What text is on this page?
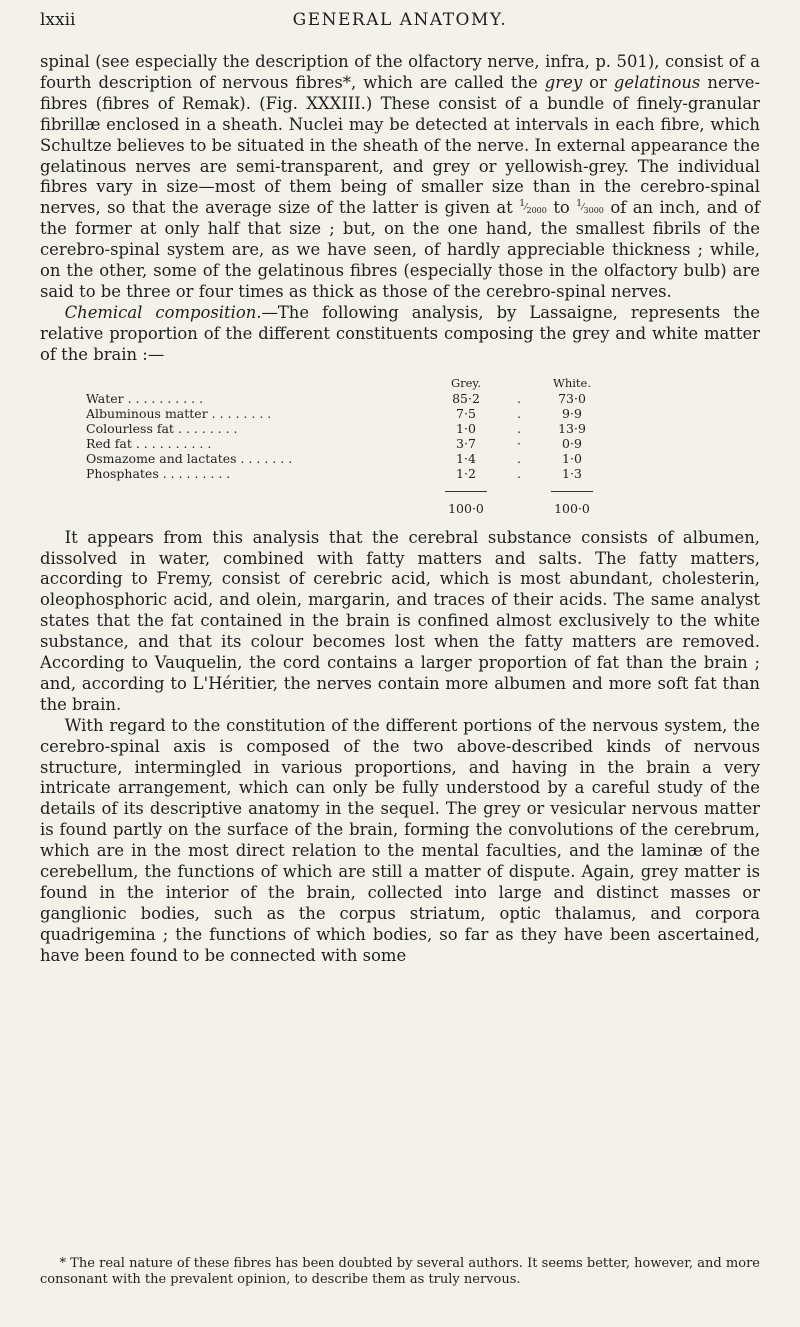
lxxii	GENERAL ANATOMY.

spinal (see especially the description of the olfactory nerve, infra, p. 501), consist of a fourth description of nervous fibres*, which are called the grey or gelatinous nerve-fibres (fibres of Remak). (Fig. XXXIII.) These consist of a bundle of finely-granular fibrillæ enclosed in a sheath. Nuclei may be detected at intervals in each fibre, which Schultze believes to be situated in the sheath of the nerve. In external appearance the gelatinous nerves are semi-transparent, and grey or yellowish-grey. The individual fibres vary in size—most of them being of smaller size than in the cerebro-spinal nerves, so that the average size of the latter is given at $^1⁄_{2000}$ to $^1⁄_{3000}$ of an inch, and of the former at only half that size ; but, on the one hand, the smallest fibrils of the cerebro-spinal system are, as we have seen, of hardly appreciable thickness ; while, on the other, some of the gelatinous fibres (especially those in the olfactory bulb) are said to be three or four times as thick as those of the cerebro-spinal nerves.

Chemical composition.—The following analysis, by Lassaigne, represents the relative proportion of the different constituents composing the grey and white matter of the brain :—

	Grey.		White.
Water . . . . . . . . . .	85·2	.	73·0
Albuminous matter . . . . . . . .	7·5	.	9·9
Colourless fat . . . . . . . .	1·0	.	13·9
Red fat . . . . . . . . . .	3·7	·	0·9
Osmazome and lactates . . . . . . .	1·4	.	1·0
Phosphates . . . . . . . . .	1·2	.	1·3
	100·0		100·0

It appears from this analysis that the cerebral substance consists of albumen, dissolved in water, combined with fatty matters and salts. The fatty matters, according to Fremy, consist of cerebric acid, which is most abundant, cholesterin, oleophosphoric acid, and olein, margarin, and traces of their acids. The same analyst states that the fat contained in the brain is confined almost exclusively to the white substance, and that its colour becomes lost when the fatty matters are removed. According to Vauquelin, the cord contains a larger proportion of fat than the brain ; and, according to L'Héritier, the nerves contain more albumen and more soft fat than the brain.

With regard to the constitution of the different portions of the nervous system, the cerebro-spinal axis is composed of the two above-described kinds of nervous structure, intermingled in various proportions, and having in the brain a very intricate arrangement, which can only be fully understood by a careful study of the details of its descriptive anatomy in the sequel. The grey or vesicular nervous matter is found partly on the surface of the brain, forming the convolutions of the cerebrum, which are in the most direct relation to the mental faculties, and the laminæ of the cerebellum, the functions of which are still a matter of dispute. Again, grey matter is found in the interior of the brain, collected into large and distinct masses or ganglionic bodies, such as the corpus striatum, optic thalamus, and corpora quadrigemina ; the functions of which bodies, so far as they have been ascertained, have been found to be connected with some

* The real nature of these fibres has been doubted by several authors. It seems better, however, and more consonant with the prevalent opinion, to describe them as truly nervous.
